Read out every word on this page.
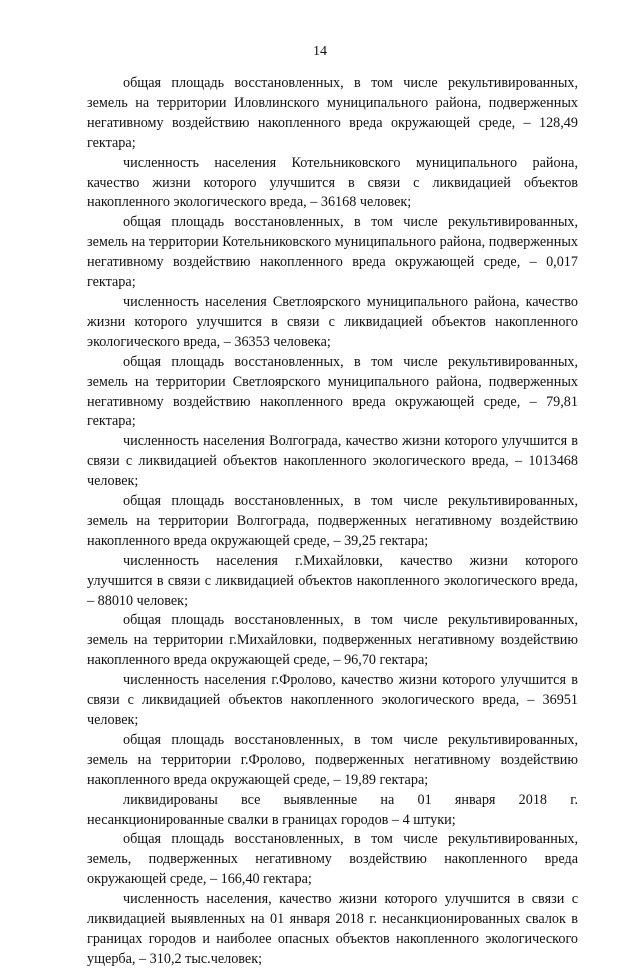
14

общая площадь восстановленных, в том числе рекультивированных, земель на территории Иловлинского муниципального района, подверженных негативному воздействию накопленного вреда окружающей среде, – 128,49 гектара;

численность населения Котельниковского муниципального района, качество жизни которого улучшится в связи с ликвидацией объектов накопленного экологического вреда, – 36168 человек;

общая площадь восстановленных, в том числе рекультивированных, земель на территории Котельниковского муниципального района, подверженных негативному воздействию накопленного вреда окружающей среде, – 0,017 гектара;

численность населения Светлоярского муниципального района, качество жизни которого улучшится в связи с ликвидацией объектов накопленного экологического вреда, – 36353 человека;

общая площадь восстановленных, в том числе рекультивированных, земель на территории Светлоярского муниципального района, подверженных негативному воздействию накопленного вреда окружающей среде, – 79,81 гектара;

численность населения Волгограда, качество жизни которого улучшится в связи с ликвидацией объектов накопленного экологического вреда, – 1013468 человек;

общая площадь восстановленных, в том числе рекультивированных, земель на территории Волгограда, подверженных негативному воздействию накопленного вреда окружающей среде, – 39,25 гектара;

численность населения г.Михайловки, качество жизни которого улучшится в связи с ликвидацией объектов накопленного экологического вреда, – 88010 человек;

общая площадь восстановленных, в том числе рекультивированных, земель на территории г.Михайловки, подверженных негативному воздействию накопленного вреда окружающей среде, – 96,70 гектара;

численность населения г.Фролово, качество жизни которого улучшится в связи с ликвидацией объектов накопленного экологического вреда, – 36951 человек;

общая площадь восстановленных, в том числе рекультивированных, земель на территории г.Фролово, подверженных негативному воздействию накопленного вреда окружающей среде, – 19,89 гектара;

ликвидированы все выявленные на 01 января 2018 г. несанкционированные свалки в границах городов – 4 штуки;

общая площадь восстановленных, в том числе рекультивированных, земель, подверженных негативному воздействию накопленного вреда окружающей среде, – 166,40 гектара;

численность населения, качество жизни которого улучшится в связи с ликвидацией выявленных на 01 января 2018 г. несанкционированных свалок в границах городов и наиболее опасных объектов накопленного экологического ущерба, – 310,2 тыс.человек;
